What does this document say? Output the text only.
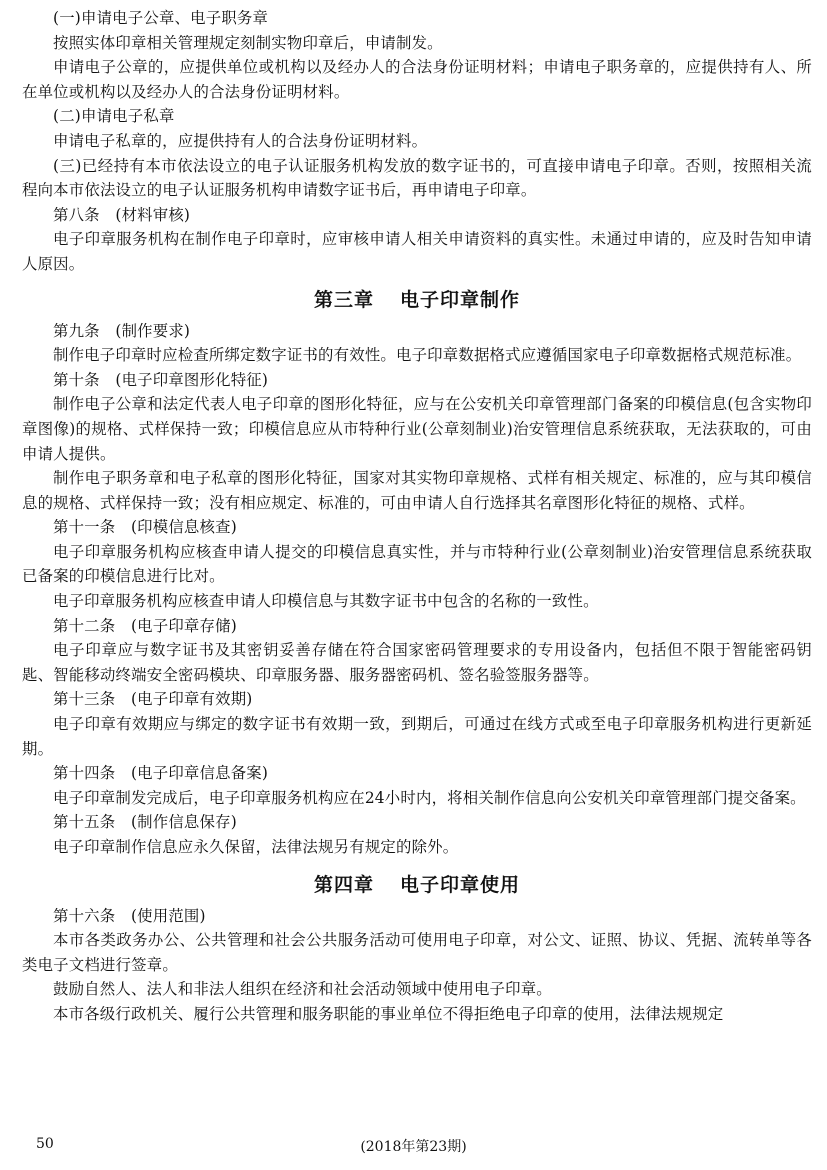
(一)申请电子公章、电子职务章

按照实体印章相关管理规定刻制实物印章后，申请制发。

申请电子公章的，应提供单位或机构以及经办人的合法身份证明材料；申请电子职务章的，应提供持有人、所在单位或机构以及经办人的合法身份证明材料。

(二)申请电子私章

申请电子私章的，应提供持有人的合法身份证明材料。

(三)已经持有本市依法设立的电子认证服务机构发放的数字证书的，可直接申请电子印章。否则，按照相关流程向本市依法设立的电子认证服务机构申请数字证书后，再申请电子印章。

第八条　(材料审核)

电子印章服务机构在制作电子印章时，应审核申请人相关申请资料的真实性。未通过申请的，应及时告知申请人原因。

第三章 电子印章制作

第九条　(制作要求)

制作电子印章时应检查所绑定数字证书的有效性。电子印章数据格式应遵循国家电子印章数据格式规范标准。

第十条　(电子印章图形化特征)

制作电子公章和法定代表人电子印章的图形化特征，应与在公安机关印章管理部门备案的印模信息(包含实物印章图像)的规格、式样保持一致；印模信息应从市特种行业(公章刻制业)治安管理信息系统获取，无法获取的，可由申请人提供。

制作电子职务章和电子私章的图形化特征，国家对其实物印章规格、式样有相关规定、标准的，应与其印模信息的规格、式样保持一致；没有相应规定、标准的，可由申请人自行选择其名章图形化特征的规格、式样。

第十一条　(印模信息核查)

电子印章服务机构应核查申请人提交的印模信息真实性，并与市特种行业(公章刻制业)治安管理信息系统获取已备案的印模信息进行比对。

电子印章服务机构应核查申请人印模信息与其数字证书中包含的名称的一致性。

第十二条　(电子印章存储)

电子印章应与数字证书及其密钥妥善存储在符合国家密码管理要求的专用设备内，包括但不限于智能密码钥匙、智能移动终端安全密码模块、印章服务器、服务器密码机、签名验签服务器等。

第十三条　(电子印章有效期)

电子印章有效期应与绑定的数字证书有效期一致，到期后，可通过在线方式或至电子印章服务机构进行更新延期。

第十四条　(电子印章信息备案)

电子印章制发完成后，电子印章服务机构应在24小时内，将相关制作信息向公安机关印章管理部门提交备案。

第十五条　(制作信息保存)

电子印章制作信息应永久保留，法律法规另有规定的除外。

第四章 电子印章使用

第十六条　(使用范围)

本市各类政务办公、公共管理和社会公共服务活动可使用电子印章，对公文、证照、协议、凭据、流转单等各类电子文档进行签章。

鼓励自然人、法人和非法人组织在经济和社会活动领域中使用电子印章。

本市各级行政机关、履行公共管理和服务职能的事业单位不得拒绝电子印章的使用，法律法规规定

50	(2018年第23期)
